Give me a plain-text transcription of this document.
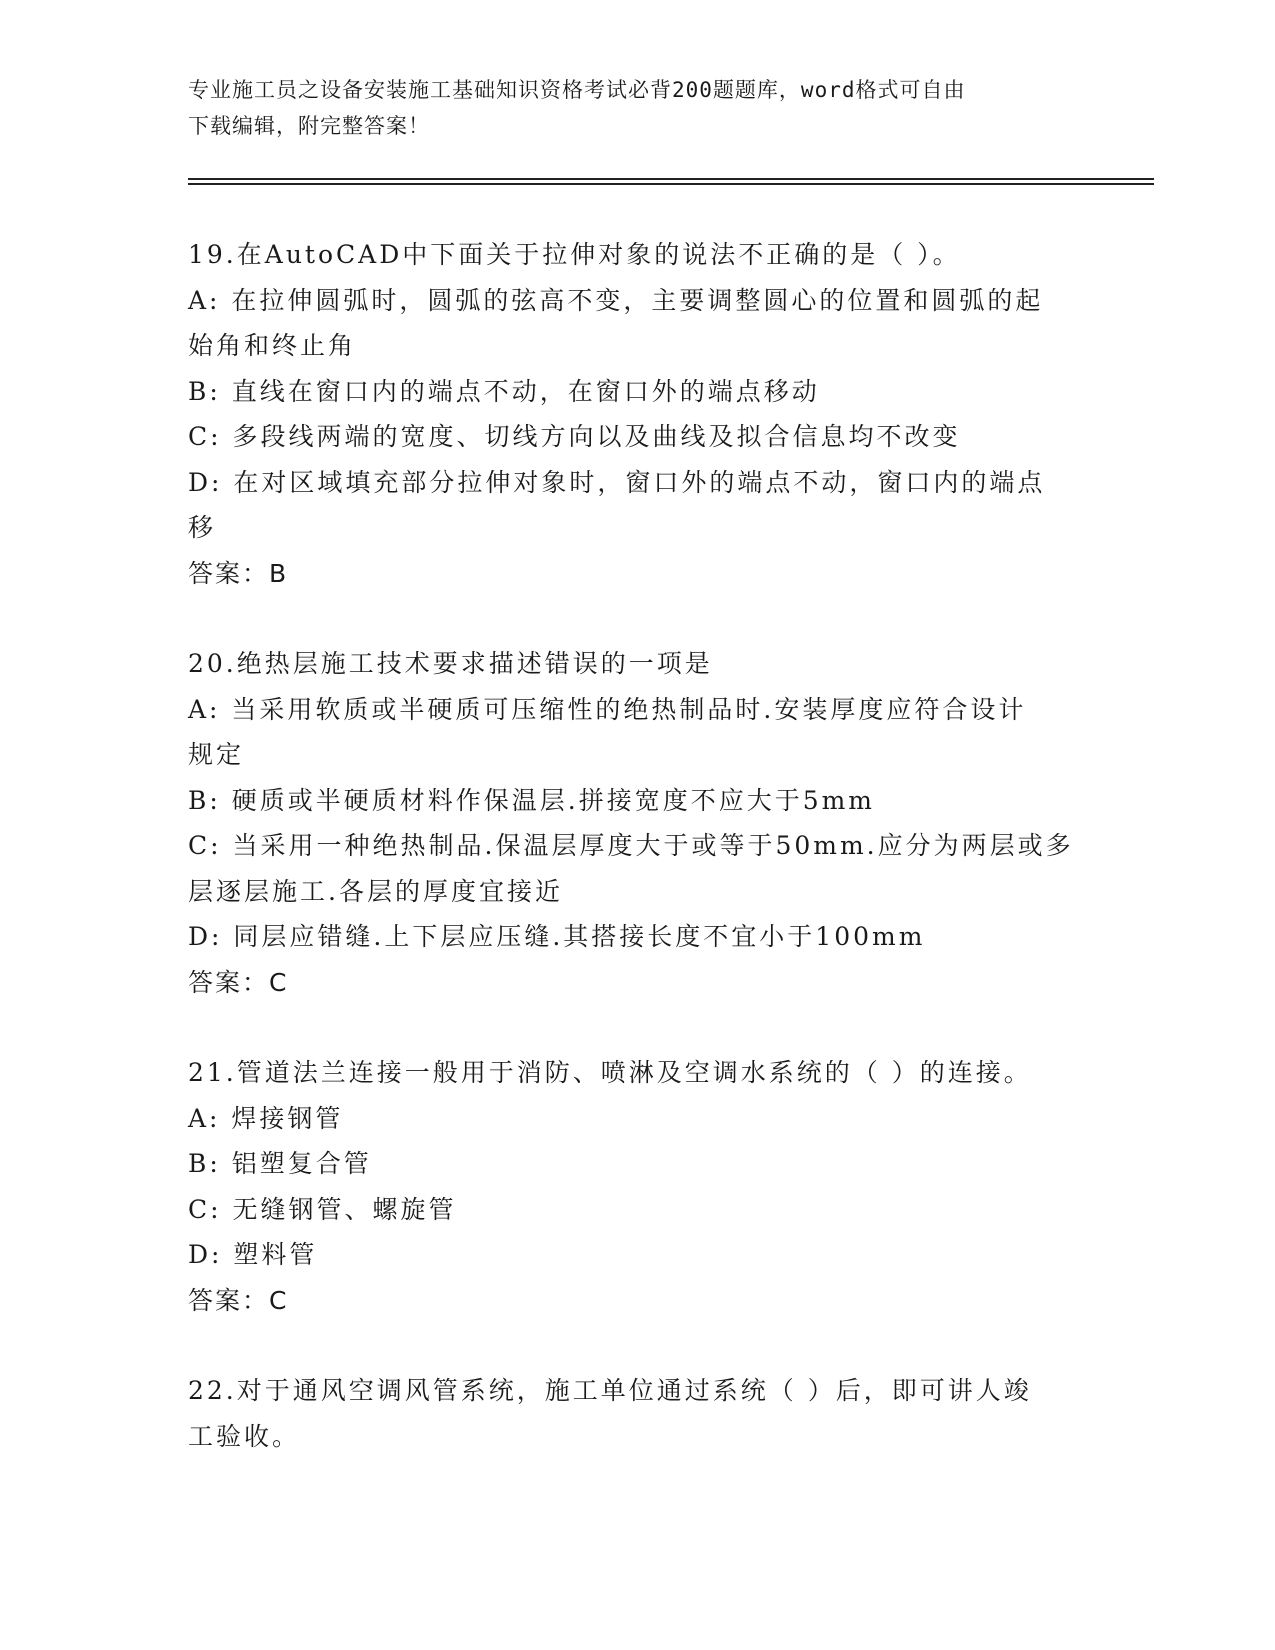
专业施工员之设备安装施工基础知识资格考试必背200题题库，word格式可自由
下载编辑，附完整答案！
19.在AutoCAD中下面关于拉伸对象的说法不正确的是（ ）。
A: 在拉伸圆弧时，圆弧的弦高不变，主要调整圆心的位置和圆弧的起
始角和终止角
B: 直线在窗口内的端点不动，在窗口外的端点移动
C: 多段线两端的宽度、切线方向以及曲线及拟合信息均不改变
D: 在对区域填充部分拉伸对象时，窗口外的端点不动，窗口内的端点
移
答案：B
20.绝热层施工技术要求描述错误的一项是
A: 当采用软质或半硬质可压缩性的绝热制品时.安装厚度应符合设计
规定
B: 硬质或半硬质材料作保温层.拼接宽度不应大于5mm
C: 当采用一种绝热制品.保温层厚度大于或等于50mm.应分为两层或多
层逐层施工.各层的厚度宜接近
D: 同层应错缝.上下层应压缝.其搭接长度不宜小于100mm
答案：C
21.管道法兰连接一般用于消防、喷淋及空调水系统的（ ）的连接。
A: 焊接钢管
B: 铝塑复合管
C: 无缝钢管、螺旋管
D: 塑料管
答案：C
22.对于通风空调风管系统，施工单位通过系统（ ）后，即可讲人竣
工验收。
